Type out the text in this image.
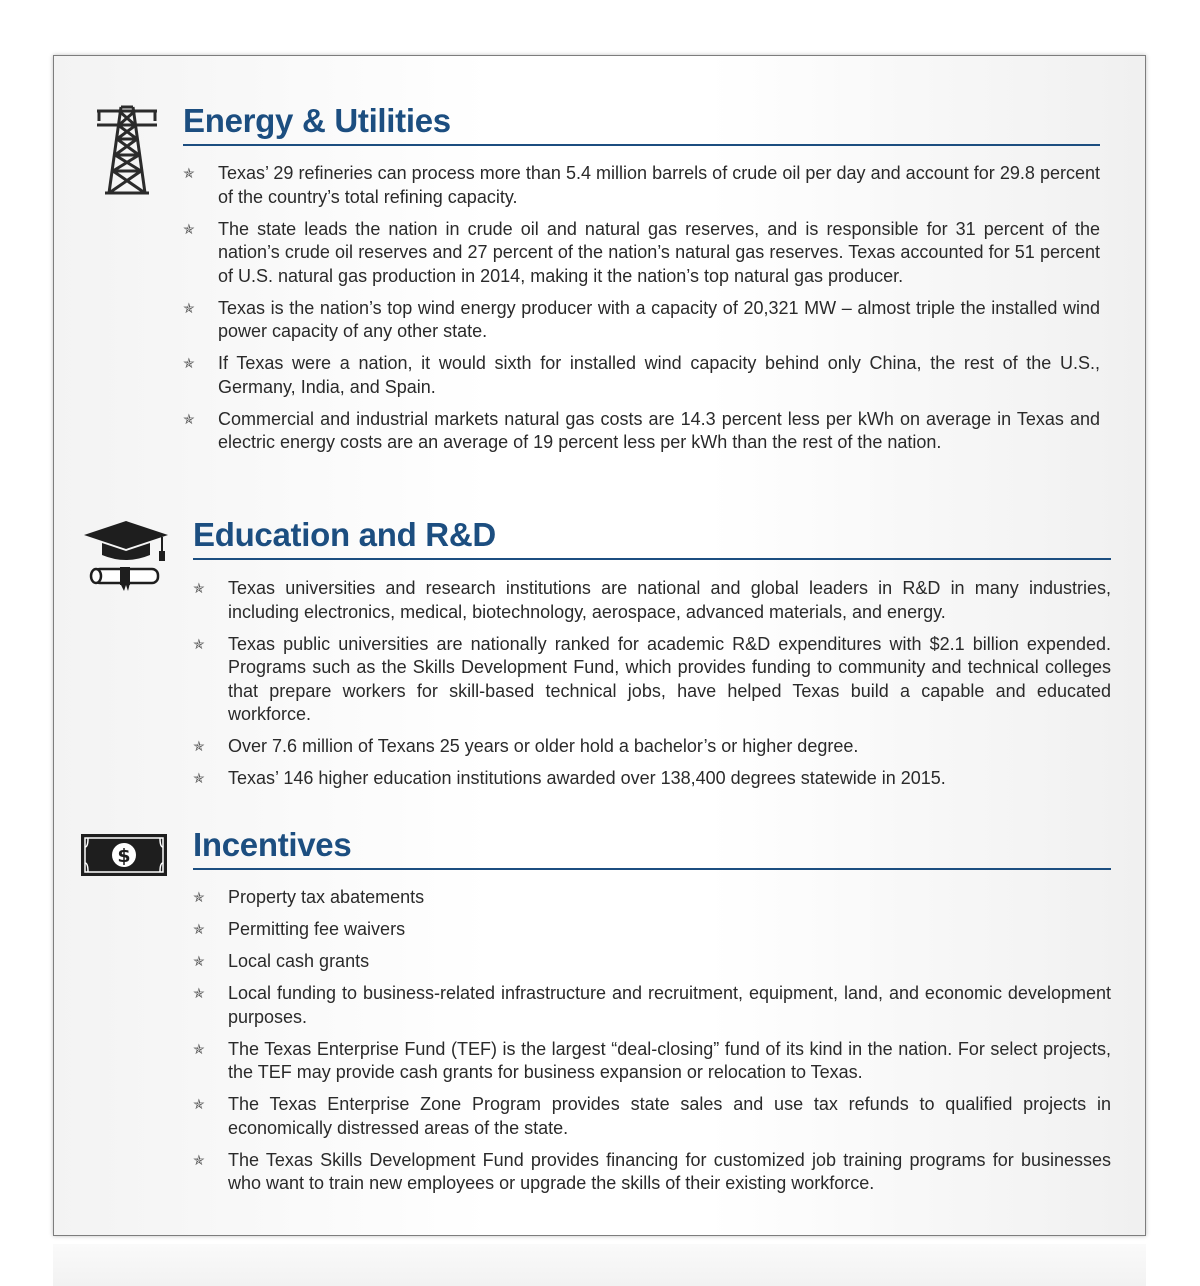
Energy & Utilities
✯ Texas’ 29 refineries can process more than 5.4 million barrels of crude oil per day and account for 29.8 percent of the country’s total refining capacity.
✯ The state leads the nation in crude oil and natural gas reserves, and is responsible for 31 percent of the nation’s crude oil reserves and 27 percent of the nation’s natural gas reserves. Texas accounted for 51 percent of U.S. natural gas production in 2014, making it the nation’s top natural gas producer.
✯ Texas is the nation’s top wind energy producer with a capacity of 20,321 MW – almost triple the installed wind power capacity of any other state.
✯ If Texas were a nation, it would sixth for installed wind capacity behind only China, the rest of the U.S., Germany, India, and Spain.
✯ Commercial and industrial markets natural gas costs are 14.3 percent less per kWh on average in Texas and electric energy costs are an average of 19 percent less per kWh than the rest of the nation.
Education and R&D
✯ Texas universities and research institutions are national and global leaders in R&D in many industries, including electronics, medical, biotechnology, aerospace, advanced materials, and energy.
✯ Texas public universities are nationally ranked for academic R&D expenditures with $2.1 billion expended. Programs such as the Skills Development Fund, which provides funding to community and technical colleges that prepare workers for skill-based technical jobs, have helped Texas build a capable and educated workforce.
✯ Over 7.6 million of Texans 25 years or older hold a bachelor’s or higher degree.
✯ Texas’ 146 higher education institutions awarded over 138,400 degrees statewide in 2015.
$ Incentives
✯ Property tax abatements
✯ Permitting fee waivers
✯ Local cash grants
✯ Local funding to business-related infrastructure and recruitment, equipment, land, and economic development purposes.
✯ The Texas Enterprise Fund (TEF) is the largest “deal-closing” fund of its kind in the nation. For select projects, the TEF may provide cash grants for business expansion or relocation to Texas.
✯ The Texas Enterprise Zone Program provides state sales and use tax refunds to qualified projects in economically distressed areas of the state.
✯ The Texas Skills Development Fund provides financing for customized job training programs for businesses who want to train new employees or upgrade the skills of their existing workforce.
